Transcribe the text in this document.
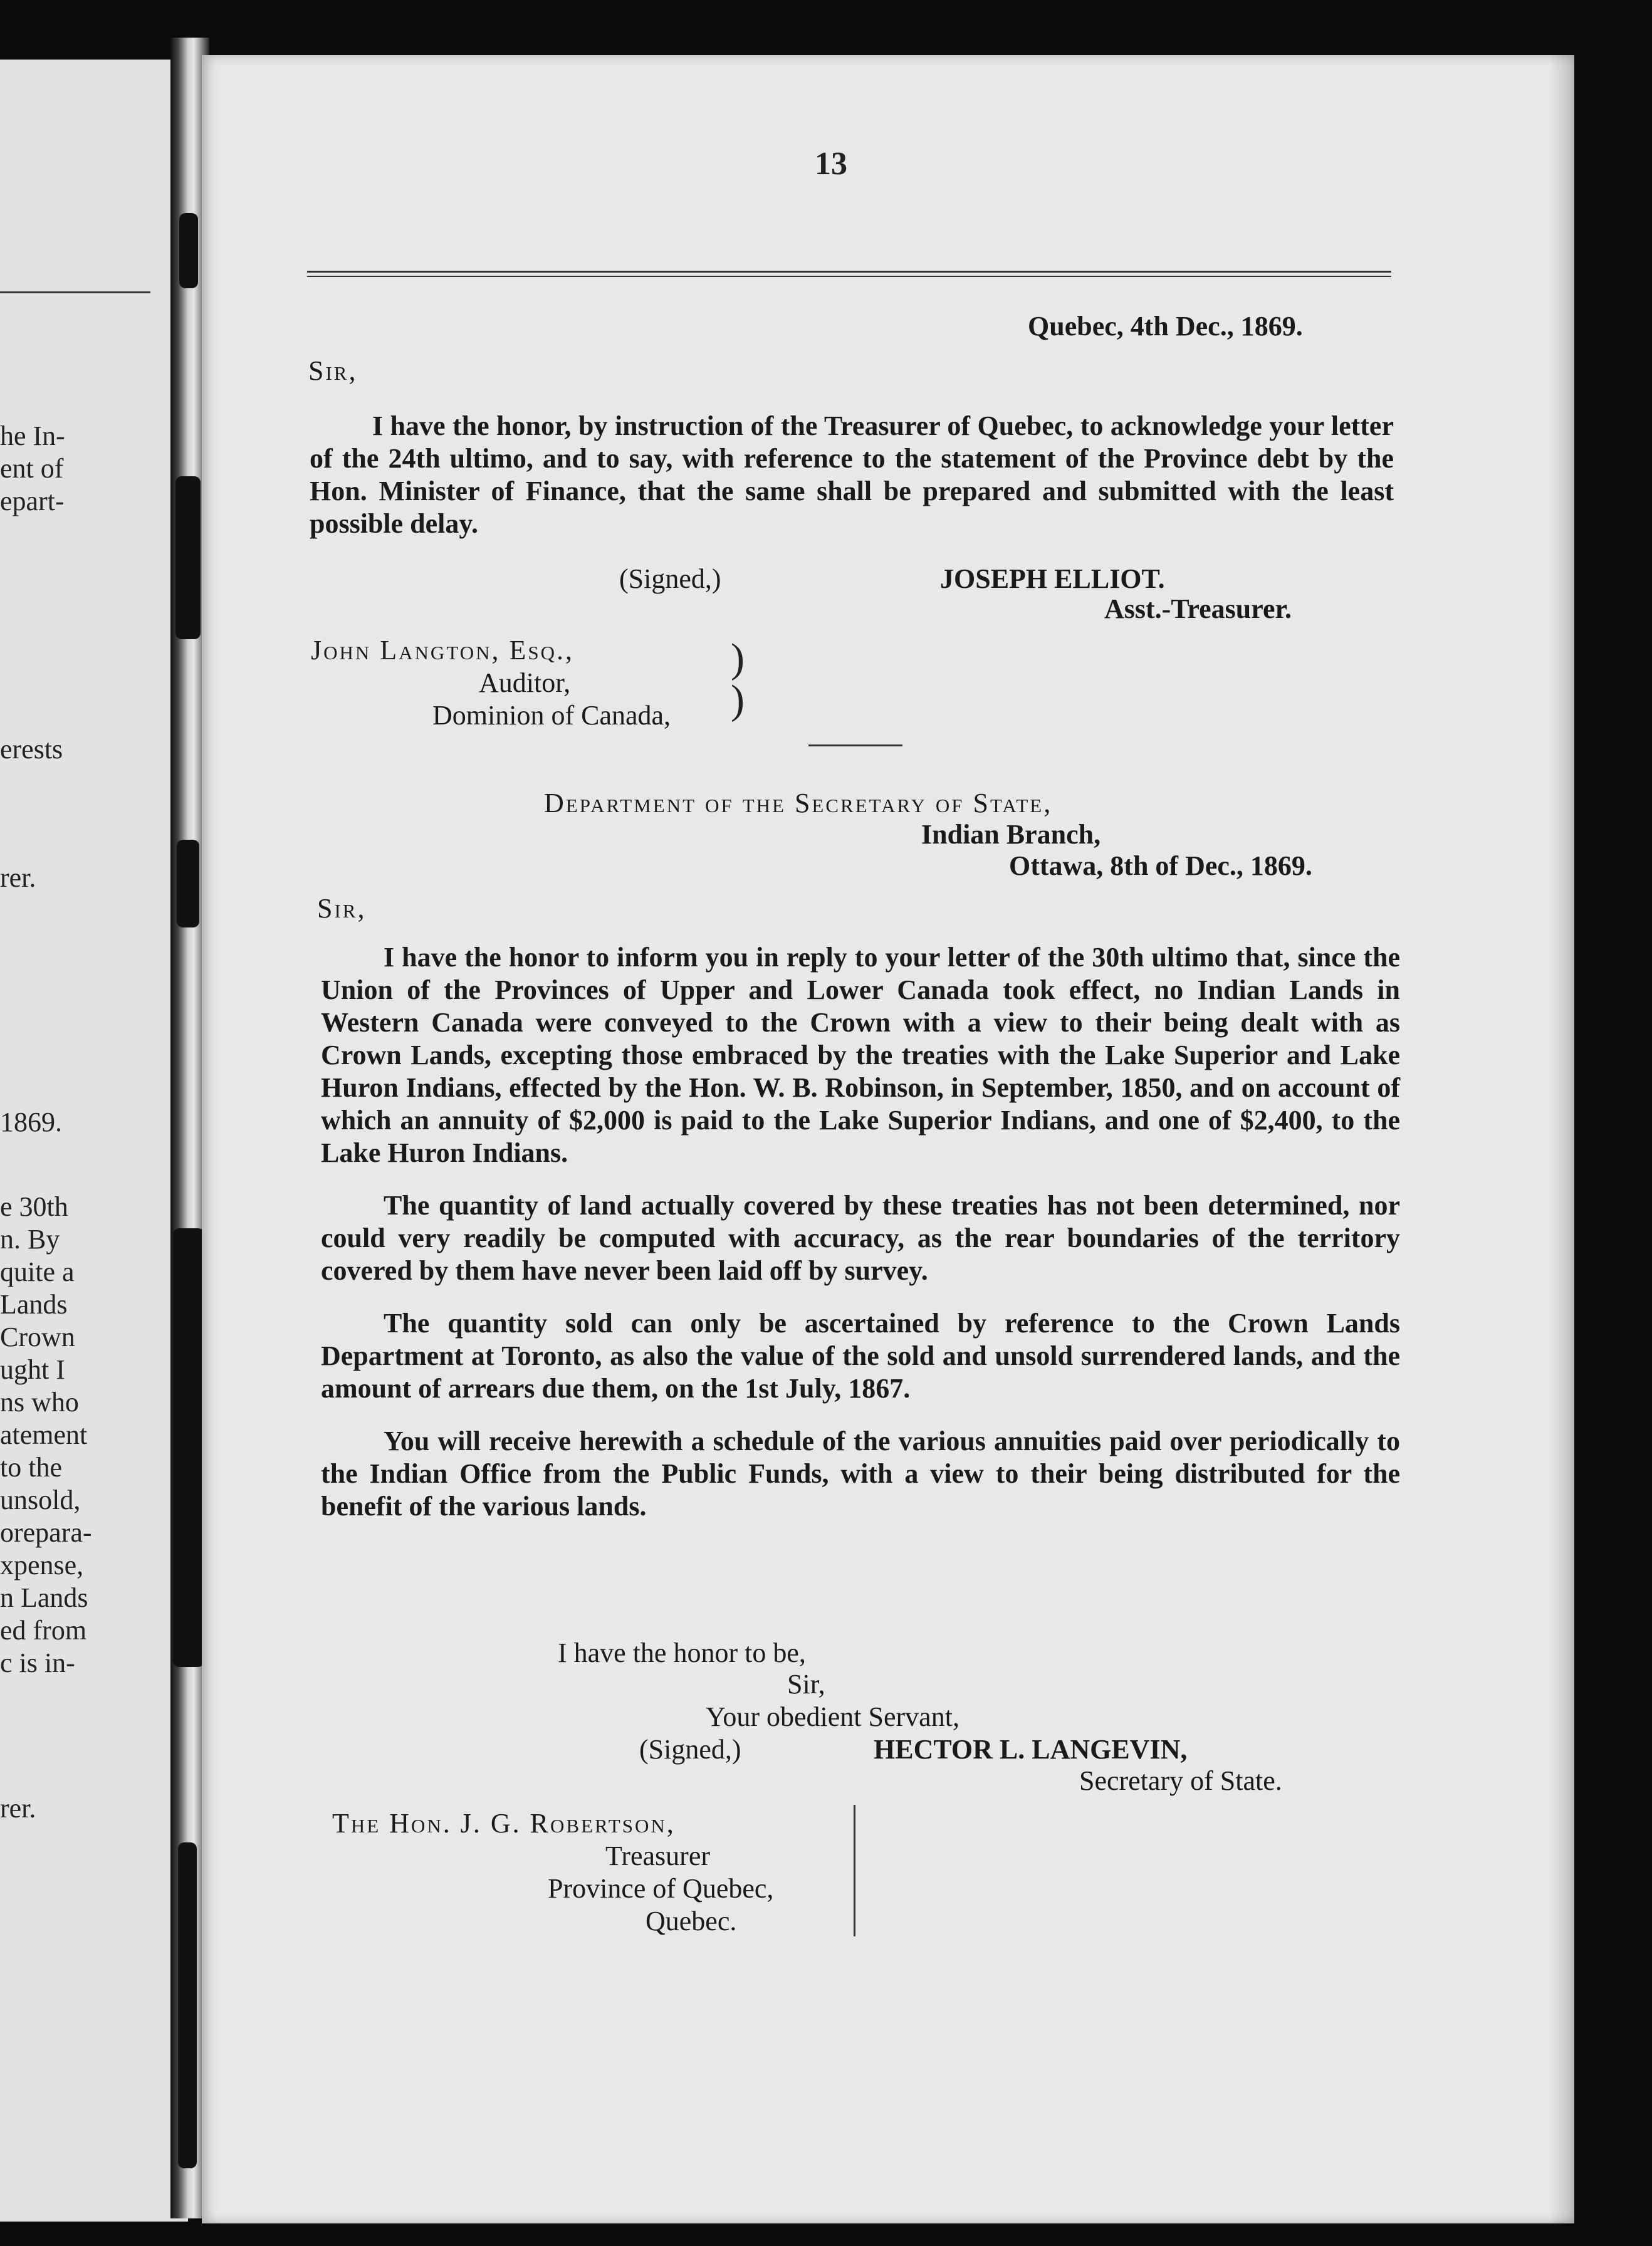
he In-
ent of
epart-
erests
rer.
1869.
e 30th
n. By
quite a
Lands
Crown
ught I
ns who
atement
to the
unsold,
orepara-
xpense,
n Lands
ed from
c is in-
rer.
13
Quebec, 4th Dec., 1869.
Sir,

I have the honor, by instruction of the Treasurer of Quebec, to acknowledge your letter of the 24th ultimo, and to say, with reference to the statement of the Province debt by the Hon. Minister of Finance, that the same shall be prepared and submitted with the least possible delay.

(Signed,)	JOSEPH ELLIOT.
Asst.-Treasurer.
John Langton, Esq.,
Auditor,
Dominion of Canada,
)
)
Department of the Secretary of State,
Indian Branch,
Ottawa, 8th of Dec., 1869.
Sir,

I have the honor to inform you in reply to your letter of the 30th ultimo that, since the Union of the Provinces of Upper and Lower Canada took effect, no Indian Lands in Western Canada were conveyed to the Crown with a view to their being dealt with as Crown Lands, excepting those embraced by the treaties with the Lake Superior and Lake Huron Indians, effected by the Hon. W. B. Robinson, in September, 1850, and on account of which an annuity of $2,000 is paid to the Lake Superior Indians, and one of $2,400, to the Lake Huron Indians.

The quantity of land actually covered by these treaties has not been determined, nor could very readily be computed with accuracy, as the rear boundaries of the territory covered by them have never been laid off by survey.

The quantity sold can only be ascertained by reference to the Crown Lands Department at Toronto, as also the value of the sold and unsold surrendered lands, and the amount of arrears due them, on the 1st July, 1867.

You will receive herewith a schedule of the various annuities paid over periodically to the Indian Office from the Public Funds, with a view to their being distributed for the benefit of the various lands.

I have the honor to be,
Sir,
Your obedient Servant,
(Signed,)	HECTOR L. LANGEVIN,
Secretary of State.
The Hon. J. G. Robertson,
Treasurer
Province of Quebec,
Quebec.
